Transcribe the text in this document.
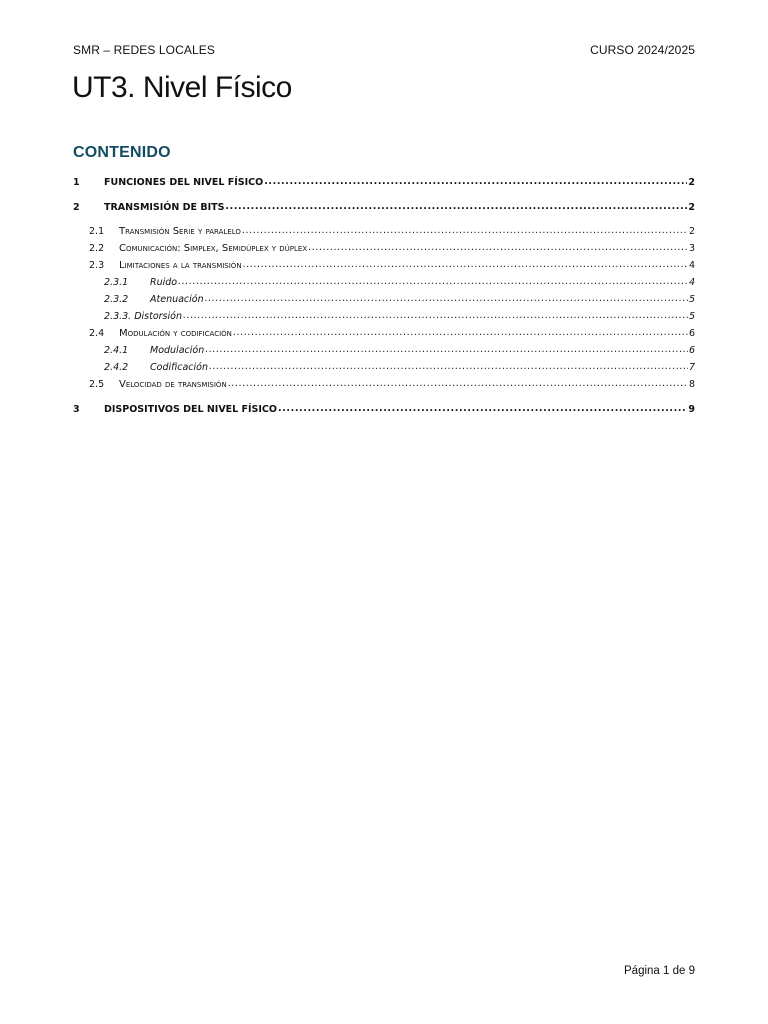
SMR – REDES LOCALES	CURSO 2024/2025
UT3. Nivel Físico
CONTENIDO
1	FUNCIONES DEL NIVEL FÍSICO .....	2
2	TRANSMISIÓN DE BITS .....	2
2.1	Transmisión Serie y paralelo .....	2
2.2	Comunicación: Simplex, Semidúplex y dúplex .....	3
2.3	Limitaciones a la transmisión .....	4
2.3.1	Ruido .....	4
2.3.2	Atenuación .....	5
2.3.3. Distorsión .....	5
2.4	Modulación y codificación .....	6
2.4.1	Modulación .....	6
2.4.2	Codificación .....	7
2.5	Velocidad de transmisión .....	8
3	DISPOSITIVOS DEL NIVEL FÍSICO .....	9
Página 1 de 9
